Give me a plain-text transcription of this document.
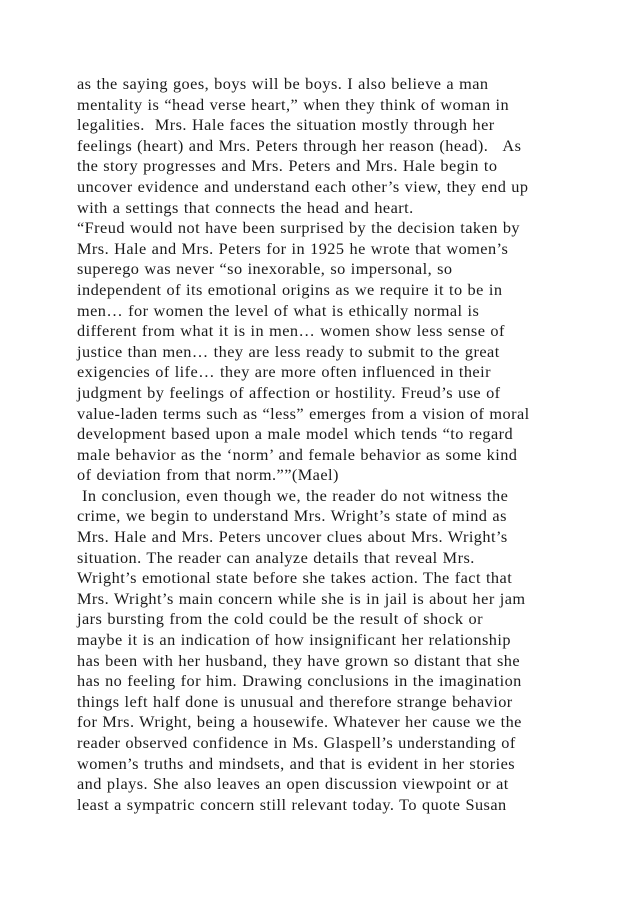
as the saying goes, boys will be boys. I also believe a man
mentality is “head verse heart,” when they think of woman in
legalities.  Mrs. Hale faces the situation mostly through her
feelings (heart) and Mrs. Peters through her reason (head).   As
the story progresses and Mrs. Peters and Mrs. Hale begin to
uncover evidence and understand each other’s view, they end up
with a settings that connects the head and heart.
“Freud would not have been surprised by the decision taken by
Mrs. Hale and Mrs. Peters for in 1925 he wrote that women’s
superego was never “so inexorable, so impersonal, so
independent of its emotional origins as we require it to be in
men… for women the level of what is ethically normal is
different from what it is in men… women show less sense of
justice than men… they are less ready to submit to the great
exigencies of life… they are more often influenced in their
judgment by feelings of affection or hostility. Freud’s use of
value-laden terms such as “less” emerges from a vision of moral
development based upon a male model which tends “to regard
male behavior as the ‘norm’ and female behavior as some kind
of deviation from that norm.””(Mael)
In conclusion, even though we, the reader do not witness the
crime, we begin to understand Mrs. Wright’s state of mind as
Mrs. Hale and Mrs. Peters uncover clues about Mrs. Wright’s
situation. The reader can analyze details that reveal Mrs.
Wright’s emotional state before she takes action. The fact that
Mrs. Wright’s main concern while she is in jail is about her jam
jars bursting from the cold could be the result of shock or
maybe it is an indication of how insignificant her relationship
has been with her husband, they have grown so distant that she
has no feeling for him. Drawing conclusions in the imagination
things left half done is unusual and therefore strange behavior
for Mrs. Wright, being a housewife. Whatever her cause we the
reader observed confidence in Ms. Glaspell’s understanding of
women’s truths and mindsets, and that is evident in her stories
and plays. She also leaves an open discussion viewpoint or at
least a sympatric concern still relevant today. To quote Susan
